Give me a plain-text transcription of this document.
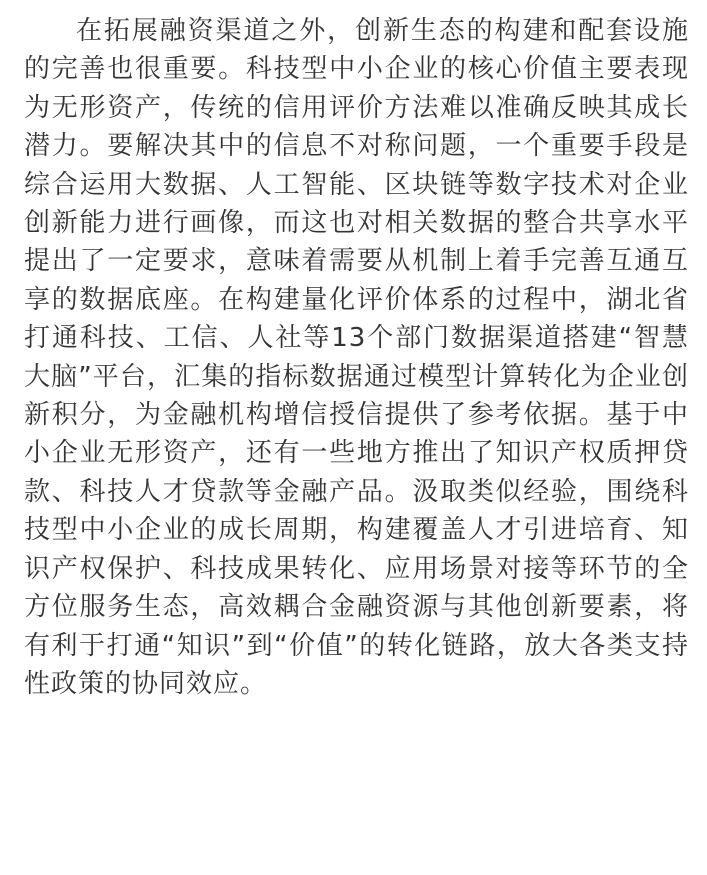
在拓展融资渠道之外，创新生态的构建和配套设施的完善也很重要。科技型中小企业的核心价值主要表现为无形资产，传统的信用评价方法难以准确反映其成长潜力。要解决其中的信息不对称问题，一个重要手段是综合运用大数据、人工智能、区块链等数字技术对企业创新能力进行画像，而这也对相关数据的整合共享水平提出了一定要求，意味着需要从机制上着手完善互通互享的数据底座。在构建量化评价体系的过程中，湖北省打通科技、工信、人社等13个部门数据渠道搭建“智慧大脑”平台，汇集的指标数据通过模型计算转化为企业创新积分，为金融机构增信授信提供了参考依据。基于中小企业无形资产，还有一些地方推出了知识产权质押贷款、科技人才贷款等金融产品。汲取类似经验，围绕科技型中小企业的成长周期，构建覆盖人才引进培育、知识产权保护、科技成果转化、应用场景对接等环节的全方位服务生态，高效耦合金融资源与其他创新要素，将有利于打通“知识”到“价值”的转化链路，放大各类支持性政策的协同效应。
